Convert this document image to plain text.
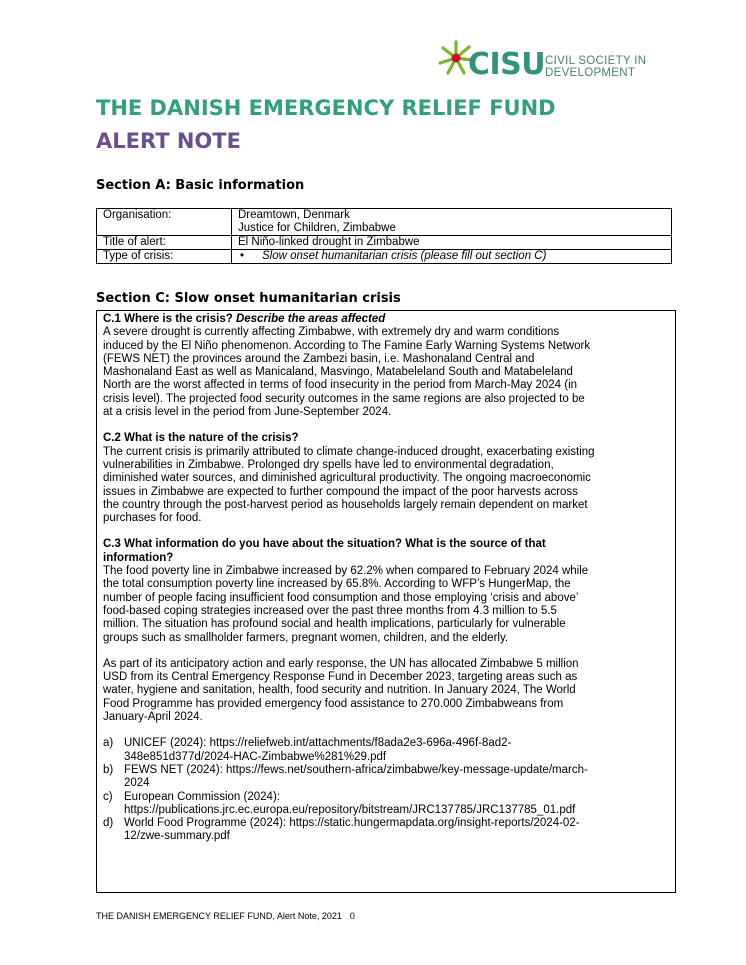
CISU CIVIL SOCIETY IN
DEVELOPMENT
THE DANISH EMERGENCY RELIEF FUND
ALERT NOTE
Section A: Basic information
Organisation:	Dreamtown, Denmark
Justice for Children, Zimbabwe

Title of alert:	El Niño-linked drought in Zimbabwe
Type of crisis:	• Slow onset humanitarian crisis (please fill out section C)
Section C: Slow onset humanitarian crisis

C.1 Where is the crisis? Describe the areas affected

A severe drought is currently affecting Zimbabwe, with extremely dry and warm conditions

induced by the El Niño phenomenon. According to The Famine Early Warning Systems Network

(FEWS NET) the provinces around the Zambezi basin, i.e. Mashonaland Central and

Mashonaland East as well as Manicaland, Masvingo, Matabeleland South and Matabeleland

North are the worst affected in terms of food insecurity in the period from March-May 2024 (in

crisis level). The projected food security outcomes in the same regions are also projected to be

at a crisis level in the period from June-September 2024.

C.2 What is the nature of the crisis?

The current crisis is primarily attributed to climate change-induced drought, exacerbating existing

vulnerabilities in Zimbabwe. Prolonged dry spells have led to environmental degradation,

diminished water sources, and diminished agricultural productivity. The ongoing macroeconomic

issues in Zimbabwe are expected to further compound the impact of the poor harvests across

the country through the post-harvest period as households largely remain dependent on market

purchases for food.

C.3 What information do you have about the situation? What is the source of that

information?

The food poverty line in Zimbabwe increased by 62.2% when compared to February 2024 while

the total consumption poverty line increased by 65.8%. According to WFP’s HungerMap, the

number of people facing insufficient food consumption and those employing ‘crisis and above’

food-based coping strategies increased over the past three months from 4.3 million to 5.5

million. The situation has profound social and health implications, particularly for vulnerable

groups such as smallholder farmers, pregnant women, children, and the elderly.

As part of its anticipatory action and early response, the UN has allocated Zimbabwe 5 million

USD from its Central Emergency Response Fund in December 2023, targeting areas such as

water, hygiene and sanitation, health, food security and nutrition. In January 2024, The World

Food Programme has provided emergency food assistance to 270.000 Zimbabweans from

January-April 2024.

a) UNICEF (2024): https://reliefweb.int/attachments/f8ada2e3-696a-496f-8ad2-
348e851d377d/2024-HAC-Zimbabwe%281%29.pdf
b) FEWS NET (2024): https://fews.net/southern-africa/zimbabwe/key-message-update/march-
2024
c) European Commission (2024):
https://publications.jrc.ec.europa.eu/repository/bitstream/JRC137785/JRC137785_01.pdf
d) World Food Programme (2024): https://static.hungermapdata.org/insight-reports/2024-02-
12/zwe-summary.pdf
THE DANISH EMERGENCY RELIEF FUND, Alert Note, 2021 0
